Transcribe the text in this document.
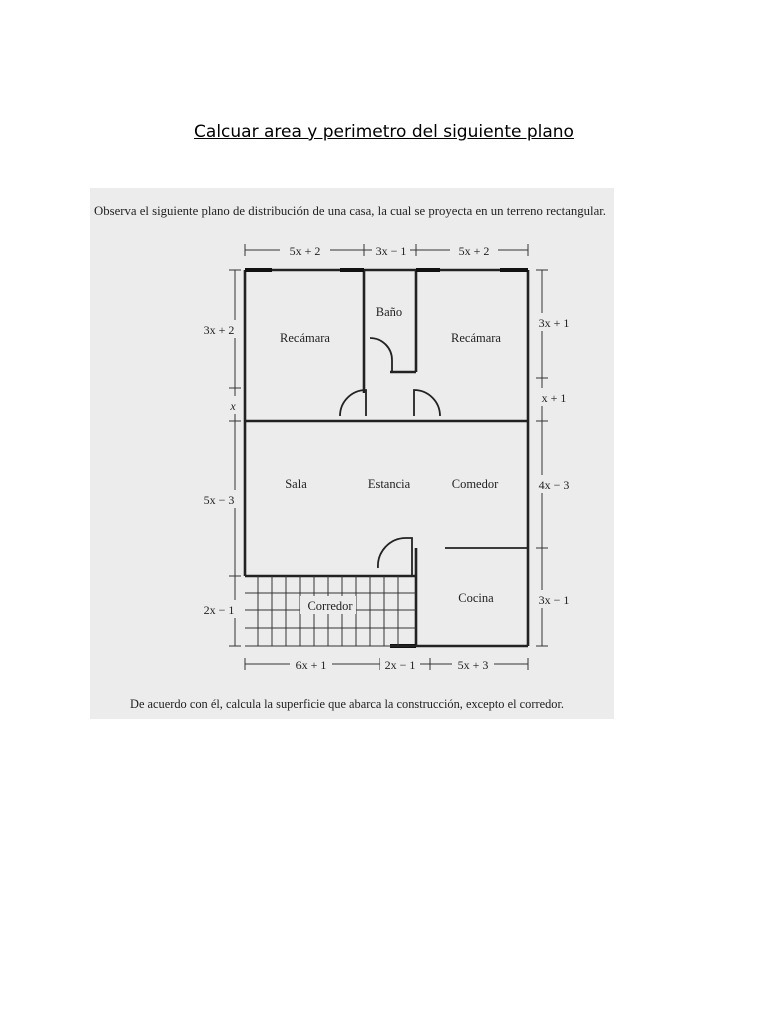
Calcuar area y perimetro del siguiente plano
Observa el siguiente plano de distribución de una casa, la cual se proyecta en un terreno rectangular.
Baño
Recámara	Recámara
Sala	Estancia	Comedor
Cocina
Corredor
5x + 2	3x − 1	5x + 2
3x + 2
x
5x − 3
2x − 1
3x + 1
x + 1
4x − 3
3x − 1
6x + 1	2x − 1	5x + 3
De acuerdo con él, calcula la superficie que abarca la construcción, excepto el corredor.
